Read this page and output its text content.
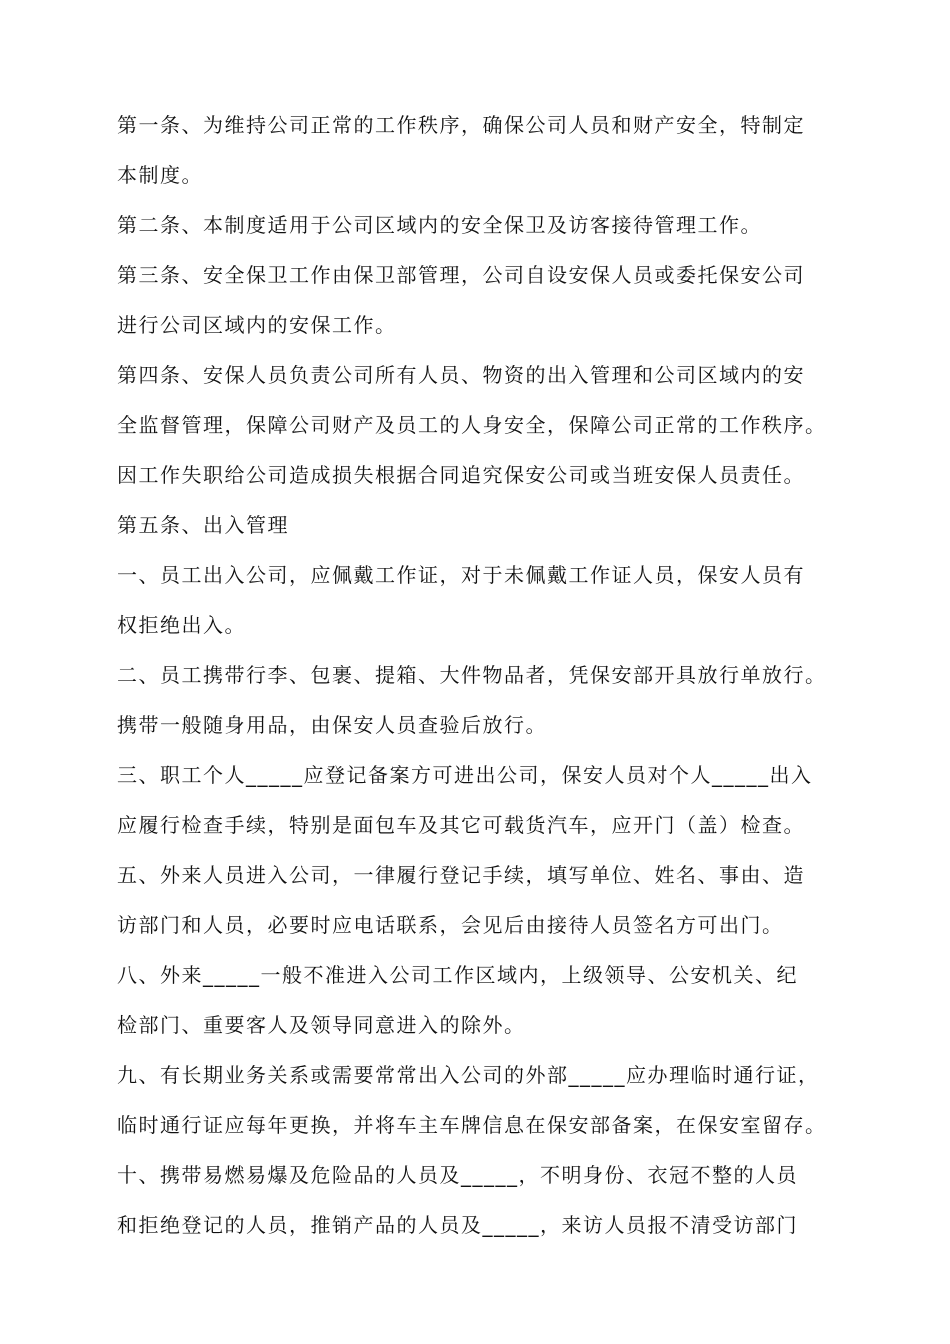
第一条、为维持公司正常的工作秩序，确保公司人员和财产安全，特制定
本制度。
第二条、本制度适用于公司区域内的安全保卫及访客接待管理工作。
第三条、安全保卫工作由保卫部管理，公司自设安保人员或委托保安公司
进行公司区域内的安保工作。
第四条、安保人员负责公司所有人员、物资的出入管理和公司区域内的安
全监督管理，保障公司财产及员工的人身安全，保障公司正常的工作秩序。
因工作失职给公司造成损失根据合同追究保安公司或当班安保人员责任。
第五条、出入管理
一、员工出入公司，应佩戴工作证，对于未佩戴工作证人员，保安人员有
权拒绝出入。
二、员工携带行李、包裹、提箱、大件物品者，凭保安部开具放行单放行。
携带一般随身用品，由保安人员查验后放行。
三、职工个人_____应登记备案方可进出公司，保安人员对个人_____出入
应履行检查手续，特别是面包车及其它可载货汽车，应开门（盖）检查。
五、外来人员进入公司，一律履行登记手续，填写单位、姓名、事由、造
访部门和人员，必要时应电话联系，会见后由接待人员签名方可出门。
八、外来_____一般不准进入公司工作区域内，上级领导、公安机关、纪
检部门、重要客人及领导同意进入的除外。
九、有长期业务关系或需要常常出入公司的外部_____应办理临时通行证，
临时通行证应每年更换，并将车主车牌信息在保安部备案，在保安室留存。
十、携带易燃易爆及危险品的人员及_____，不明身份、衣冠不整的人员
和拒绝登记的人员，推销产品的人员及_____，来访人员报不清受访部门
